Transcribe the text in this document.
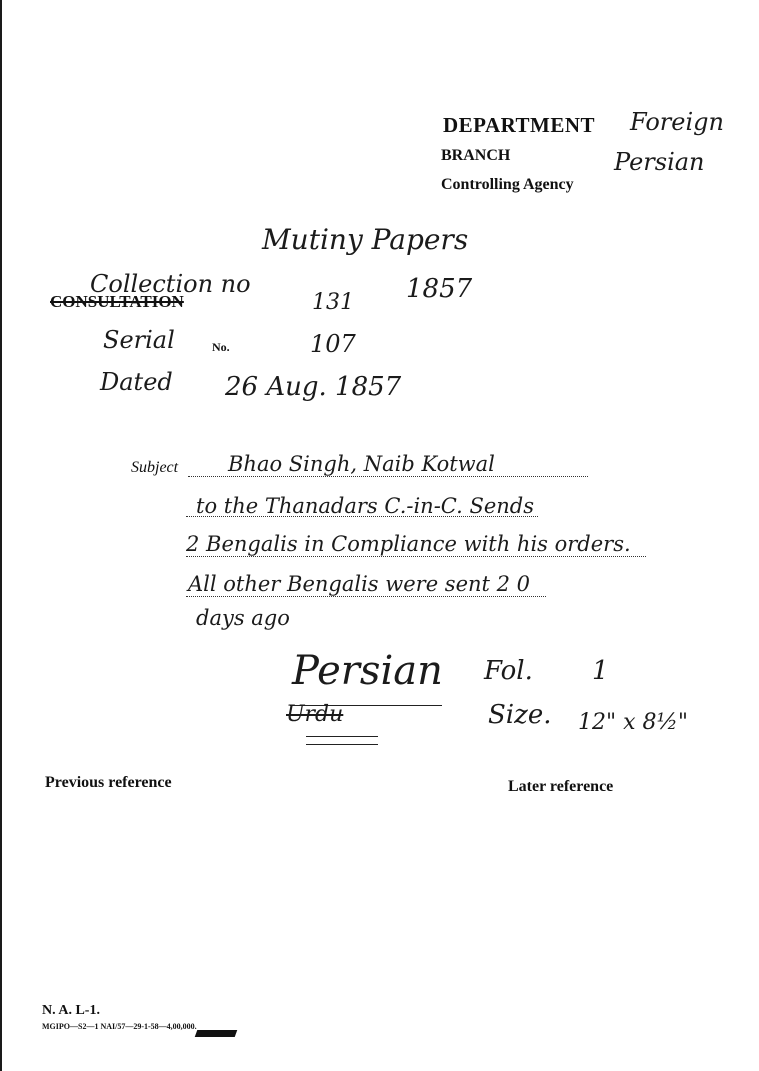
DEPARTMENT Foreign
BRANCH	Persian
Controlling Agency
Mutiny Papers
Collection no
131 1857
CONSULTATION
Serial	No.	107
Dated 26 Aug. 1857
Subject Bhao Singh, Naib Kotwal
to the Thanadars C.-in-C. Sends
2 Bengalis in Compliance with his orders.
All other Bengalis were sent 2 0
days ago
Persian
Urdu
Fol. 1
Size. 12" x 8½"
Previous reference	Later reference
N. A. L-1.
MGIPO—S2—1 NAI/57—29-1-58—4,00,000.
